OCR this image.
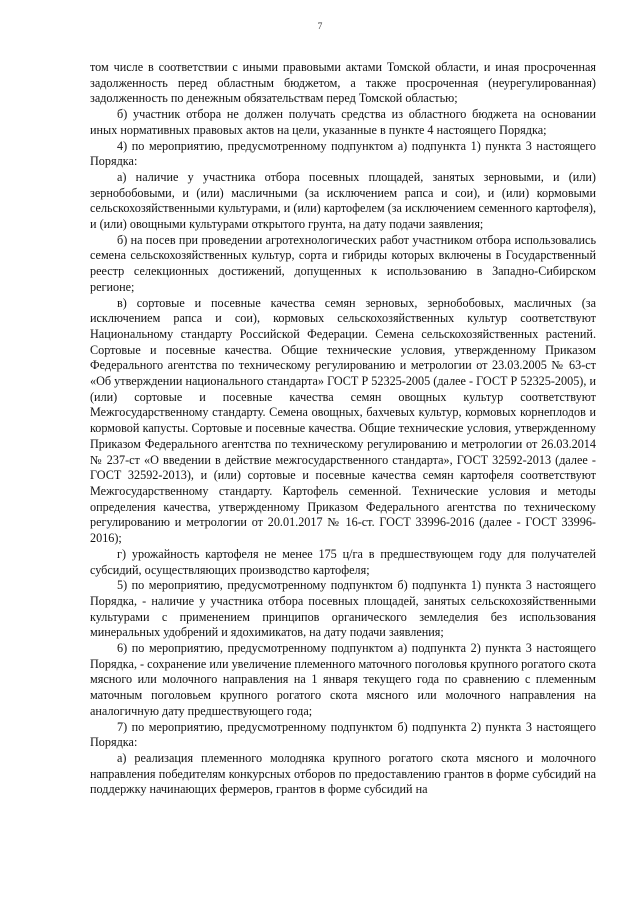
7

том числе в соответствии с иными правовыми актами Томской области, и иная просроченная задолженность перед областным бюджетом, а также просроченная (неурегулированная) задолженность по денежным обязательствам перед Томской областью;

б) участник отбора не должен получать средства из областного бюджета на основании иных нормативных правовых актов на цели, указанные в пункте 4 настоящего Порядка;

4) по мероприятию, предусмотренному подпунктом а) подпункта 1) пункта 3 настоящего Порядка:

а) наличие у участника отбора посевных площадей, занятых зерновыми, и (или) зернобобовыми, и (или) масличными (за исключением рапса и сои), и (или) кормовыми сельскохозяйственными культурами, и (или) картофелем (за исключением семенного картофеля), и (или) овощными культурами открытого грунта, на дату подачи заявления;

б) на посев при проведении агротехнологических работ участником отбора использовались семена сельскохозяйственных культур, сорта и гибриды которых включены в Государственный реестр селекционных достижений, допущенных к использованию в Западно-Сибирском регионе;

в) сортовые и посевные качества семян зерновых, зернобобовых, масличных (за исключением рапса и сои), кормовых сельскохозяйственных культур соответствуют Национальному стандарту Российской Федерации. Семена сельскохозяйственных растений. Сортовые и посевные качества. Общие технические условия, утвержденному Приказом Федерального агентства по техническому регулированию и метрологии от 23.03.2005 № 63-ст «Об утверждении национального стандарта» ГОСТ Р 52325-2005 (далее - ГОСТ Р 52325-2005), и (или) сортовые и посевные качества семян овощных культур соответствуют Межгосударственному стандарту. Семена овощных, бахчевых культур, кормовых корнеплодов и кормовой капусты. Сортовые и посевные качества. Общие технические условия, утвержденному Приказом Федерального агентства по техническому регулированию и метрологии от 26.03.2014 № 237-ст «О введении в действие межгосударственного стандарта», ГОСТ 32592-2013 (далее - ГОСТ 32592-2013), и (или) сортовые и посевные качества семян картофеля соответствуют Межгосударственному стандарту. Картофель семенной. Технические условия и методы определения качества, утвержденному Приказом Федерального агентства по техническому регулированию и метрологии от 20.01.2017 № 16-ст. ГОСТ 33996-2016 (далее - ГОСТ 33996-2016);

г) урожайность картофеля не менее 175 ц/га в предшествующем году для получателей субсидий, осуществляющих производство картофеля;

5) по мероприятию, предусмотренному подпунктом б) подпункта 1) пункта 3 настоящего Порядка, - наличие у участника отбора посевных площадей, занятых сельскохозяйственными культурами с применением принципов органического земледелия без использования минеральных удобрений и ядохимикатов, на дату подачи заявления;

6) по мероприятию, предусмотренному подпунктом а) подпункта 2) пункта 3 настоящего Порядка, - сохранение или увеличение племенного маточного поголовья крупного рогатого скота мясного или молочного направления на 1 января текущего года по сравнению с племенным маточным поголовьем крупного рогатого скота мясного или молочного направления на аналогичную дату предшествующего года;

7) по мероприятию, предусмотренному подпунктом б) подпункта 2) пункта 3 настоящего Порядка:

а) реализация племенного молодняка крупного рогатого скота мясного и молочного направления победителям конкурсных отборов по предоставлению грантов в форме субсидий на поддержку начинающих фермеров, грантов в форме субсидий на
